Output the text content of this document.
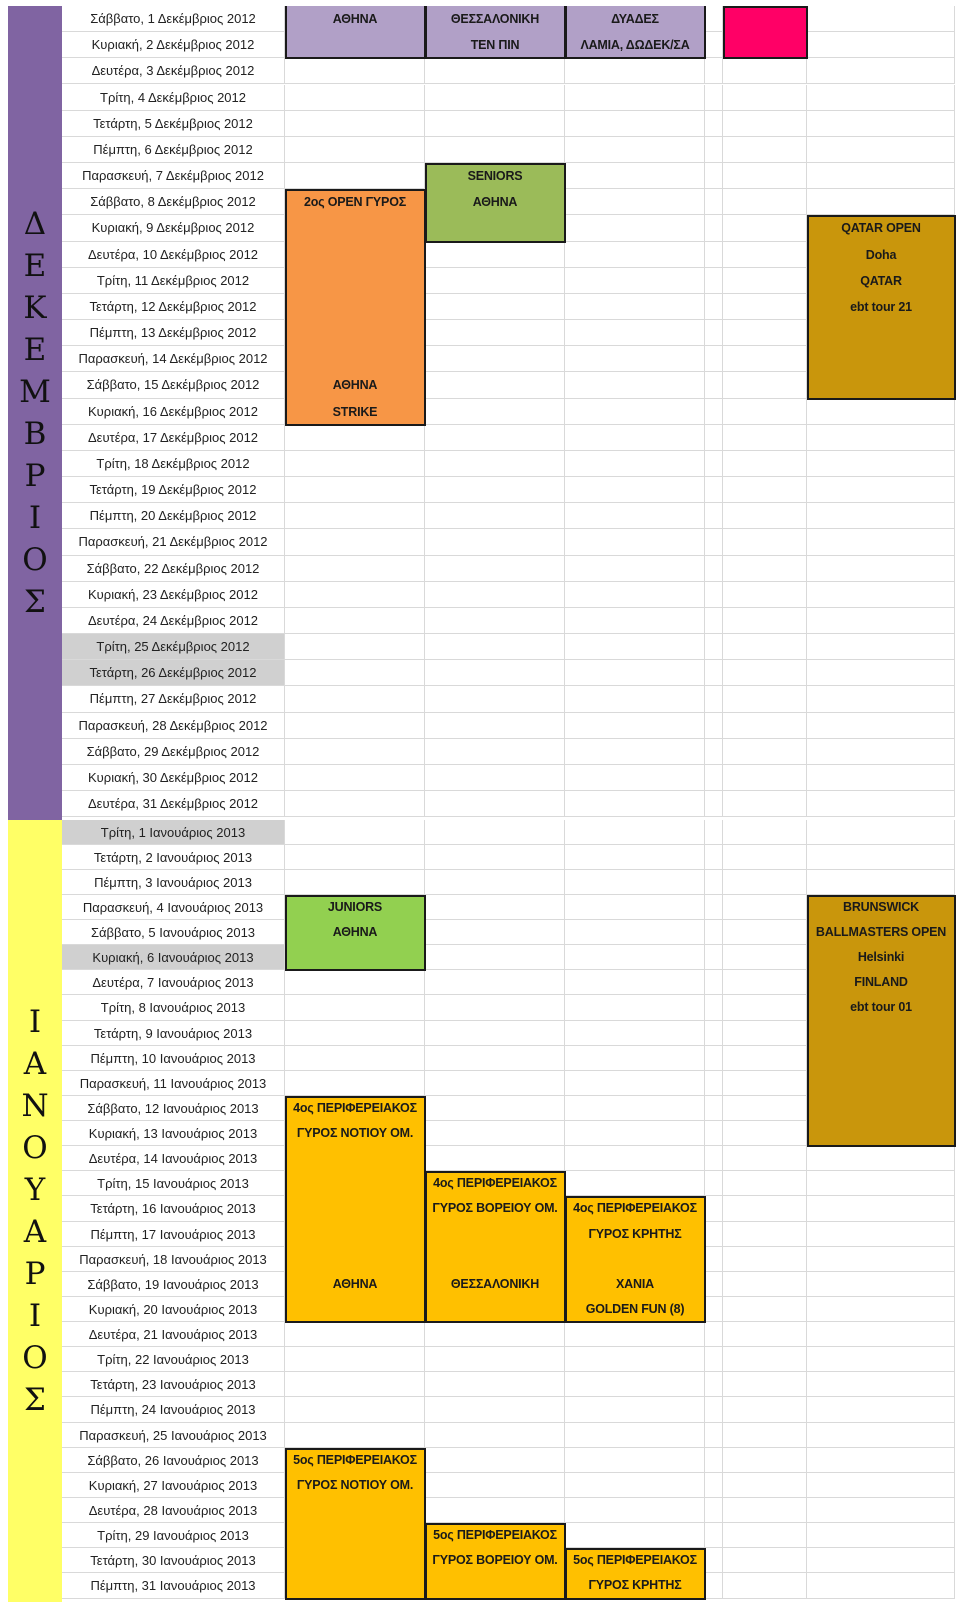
Δ
Ε
Κ
Ε
Μ
Β
Ρ
Ι
Ο
Σ
Ι
Α
Ν
Ο
Υ
Α
Ρ
Ι
Ο
Σ
Σάββατο, 1 Δεκέμβριος 2012
Κυριακή, 2 Δεκέμβριος 2012
Δευτέρα, 3 Δεκέμβριος 2012
Τρίτη, 4 Δεκέμβριος 2012
Τετάρτη, 5 Δεκέμβριος 2012
Πέμπτη, 6 Δεκέμβριος 2012
Παρασκευή, 7 Δεκέμβριος 2012
Σάββατο, 8 Δεκέμβριος 2012
Κυριακή, 9 Δεκέμβριος 2012
Δευτέρα, 10 Δεκέμβριος 2012
Τρίτη, 11 Δεκέμβριος 2012
Τετάρτη, 12 Δεκέμβριος 2012
Πέμπτη, 13 Δεκέμβριος 2012
Παρασκευή, 14 Δεκέμβριος 2012
Σάββατο, 15 Δεκέμβριος 2012
Κυριακή, 16 Δεκέμβριος 2012
Δευτέρα, 17 Δεκέμβριος 2012
Τρίτη, 18 Δεκέμβριος 2012
Τετάρτη, 19 Δεκέμβριος 2012
Πέμπτη, 20 Δεκέμβριος 2012
Παρασκευή, 21 Δεκέμβριος 2012
Σάββατο, 22 Δεκέμβριος 2012
Κυριακή, 23 Δεκέμβριος 2012
Δευτέρα, 24 Δεκέμβριος 2012
Τρίτη, 25 Δεκέμβριος 2012
Τετάρτη, 26 Δεκέμβριος 2012
Πέμπτη, 27 Δεκέμβριος 2012
Παρασκευή, 28 Δεκέμβριος 2012
Σάββατο, 29 Δεκέμβριος 2012
Κυριακή, 30 Δεκέμβριος 2012
Δευτέρα, 31 Δεκέμβριος 2012
Τρίτη, 1 Ιανουάριος 2013
Τετάρτη, 2 Ιανουάριος 2013
Πέμπτη, 3 Ιανουάριος 2013
Παρασκευή, 4 Ιανουάριος 2013
Σάββατο, 5 Ιανουάριος 2013
Κυριακή, 6 Ιανουάριος 2013
Δευτέρα, 7 Ιανουάριος 2013
Τρίτη, 8 Ιανουάριος 2013
Τετάρτη, 9 Ιανουάριος 2013
Πέμπτη, 10 Ιανουάριος 2013
Παρασκευή, 11 Ιανουάριος 2013
Σάββατο, 12 Ιανουάριος 2013
Κυριακή, 13 Ιανουάριος 2013
Δευτέρα, 14 Ιανουάριος 2013
Τρίτη, 15 Ιανουάριος 2013
Τετάρτη, 16 Ιανουάριος 2013
Πέμπτη, 17 Ιανουάριος 2013
Παρασκευή, 18 Ιανουάριος 2013
Σάββατο, 19 Ιανουάριος 2013
Κυριακή, 20 Ιανουάριος 2013
Δευτέρα, 21 Ιανουάριος 2013
Τρίτη, 22 Ιανουάριος 2013
Τετάρτη, 23 Ιανουάριος 2013
Πέμπτη, 24 Ιανουάριος 2013
Παρασκευή, 25 Ιανουάριος 2013
Σάββατο, 26 Ιανουάριος 2013
Κυριακή, 27 Ιανουάριος 2013
Δευτέρα, 28 Ιανουάριος 2013
Τρίτη, 29 Ιανουάριος 2013
Τετάρτη, 30 Ιανουάριος 2013
Πέμπτη, 31 Ιανουάριος 2013
ΑΘΗΝΑ	ΘΕΣΣΑΛΟΝΙΚΗ
ΤΕΝ ΠΙΝ
ΔΥΑΔΕΣ
ΛΑΜΙΑ, ΔΩΔΕΚ/ΣΑ
SENIORS
ΑΘΗΝΑ
2ος OPEN ΓΥΡΟΣ
ΑΘΗΝΑ
STRIKE
QATAR OPEN
Doha
QATAR
ebt tour 21
JUNIORS
ΑΘΗΝΑ
BRUNSWICK
BALLMASTERS OPEN
Helsinki
FINLAND
ebt tour 01
4ος ΠΕΡΙΦΕΡΕΙΑΚΟΣ
ΓΥΡΟΣ ΝΟΤΙΟΥ ΟΜ.
ΑΘΗΝΑ
4ος ΠΕΡΙΦΕΡΕΙΑΚΟΣ
ΓΥΡΟΣ ΒΟΡΕΙΟΥ ΟΜ.
ΘΕΣΣΑΛΟΝΙΚΗ
4ος ΠΕΡΙΦΕΡΕΙΑΚΟΣ
ΓΥΡΟΣ ΚΡΗΤΗΣ
ΧΑΝΙΑ
GOLDEN FUN (8)
5ος ΠΕΡΙΦΕΡΕΙΑΚΟΣ
ΓΥΡΟΣ ΝΟΤΙΟΥ ΟΜ.
5ος ΠΕΡΙΦΕΡΕΙΑΚΟΣ
ΓΥΡΟΣ ΒΟΡΕΙΟΥ ΟΜ.	5ος ΠΕΡΙΦΕΡΕΙΑΚΟΣ
ΓΥΡΟΣ ΚΡΗΤΗΣ
